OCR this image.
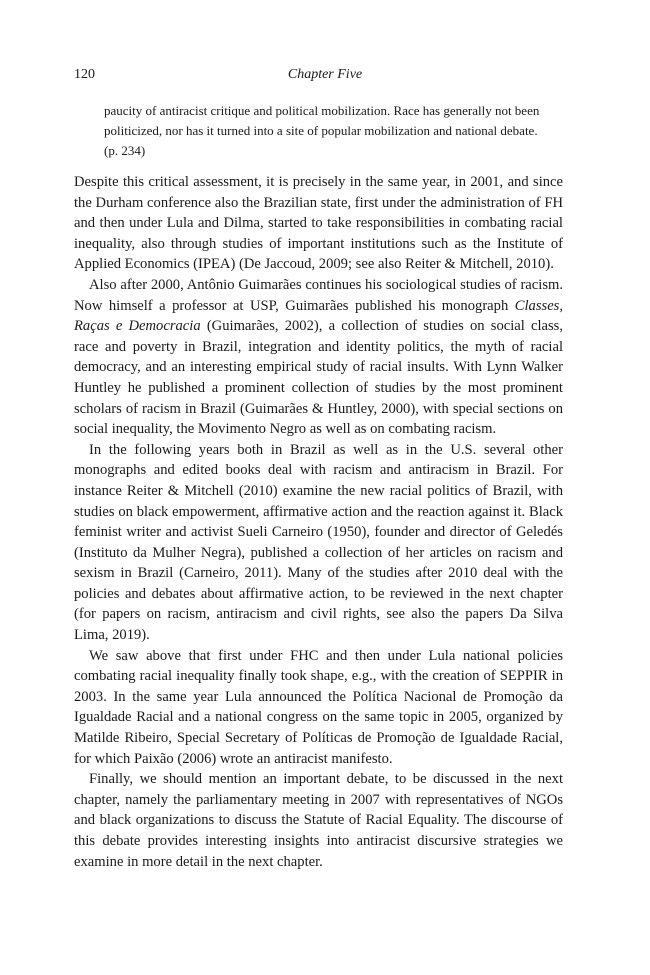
120	Chapter Five

paucity of antiracist critique and political mobilization. Race has generally not been politicized, nor has it turned into a site of popular mobilization and national debate. (p. 234)

Despite this critical assessment, it is precisely in the same year, in 2001, and since the Durham conference also the Brazilian state, first under the administration of FH and then under Lula and Dilma, started to take responsibilities in combating racial inequality, also through studies of important institutions such as the Institute of Applied Economics (IPEA) (De Jaccoud, 2009; see also Reiter & Mitchell, 2010).

Also after 2000, Antônio Guimarães continues his sociological studies of racism. Now himself a professor at USP, Guimarães published his monograph Classes, Raças e Democracia (Guimarães, 2002), a collection of studies on social class, race and poverty in Brazil, integration and identity politics, the myth of racial democracy, and an interesting empirical study of racial insults. With Lynn Walker Huntley he published a prominent collection of studies by the most prominent scholars of racism in Brazil (Guimarães & Huntley, 2000), with special sections on social inequality, the Movimento Negro as well as on combating racism.

In the following years both in Brazil as well as in the U.S. several other monographs and edited books deal with racism and antiracism in Brazil. For instance Reiter & Mitchell (2010) examine the new racial politics of Brazil, with studies on black empowerment, affirmative action and the reaction against it. Black feminist writer and activist Sueli Carneiro (1950), founder and director of Geledés (Instituto da Mulher Negra), published a collection of her articles on racism and sexism in Brazil (Carneiro, 2011). Many of the studies after 2010 deal with the policies and debates about affirmative action, to be reviewed in the next chapter (for papers on racism, antiracism and civil rights, see also the papers Da Silva Lima, 2019).

We saw above that first under FHC and then under Lula national policies combating racial inequality finally took shape, e.g., with the creation of SEPPIR in 2003. In the same year Lula announced the Política Nacional de Promoção da Igualdade Racial and a national congress on the same topic in 2005, organized by Matilde Ribeiro, Special Secretary of Políticas de Promoção de Igualdade Racial, for which Paixão (2006) wrote an antiracist manifesto.

Finally, we should mention an important debate, to be discussed in the next chapter, namely the parliamentary meeting in 2007 with representatives of NGOs and black organizations to discuss the Statute of Racial Equality. The discourse of this debate provides interesting insights into antiracist discursive strategies we examine in more detail in the next chapter.
